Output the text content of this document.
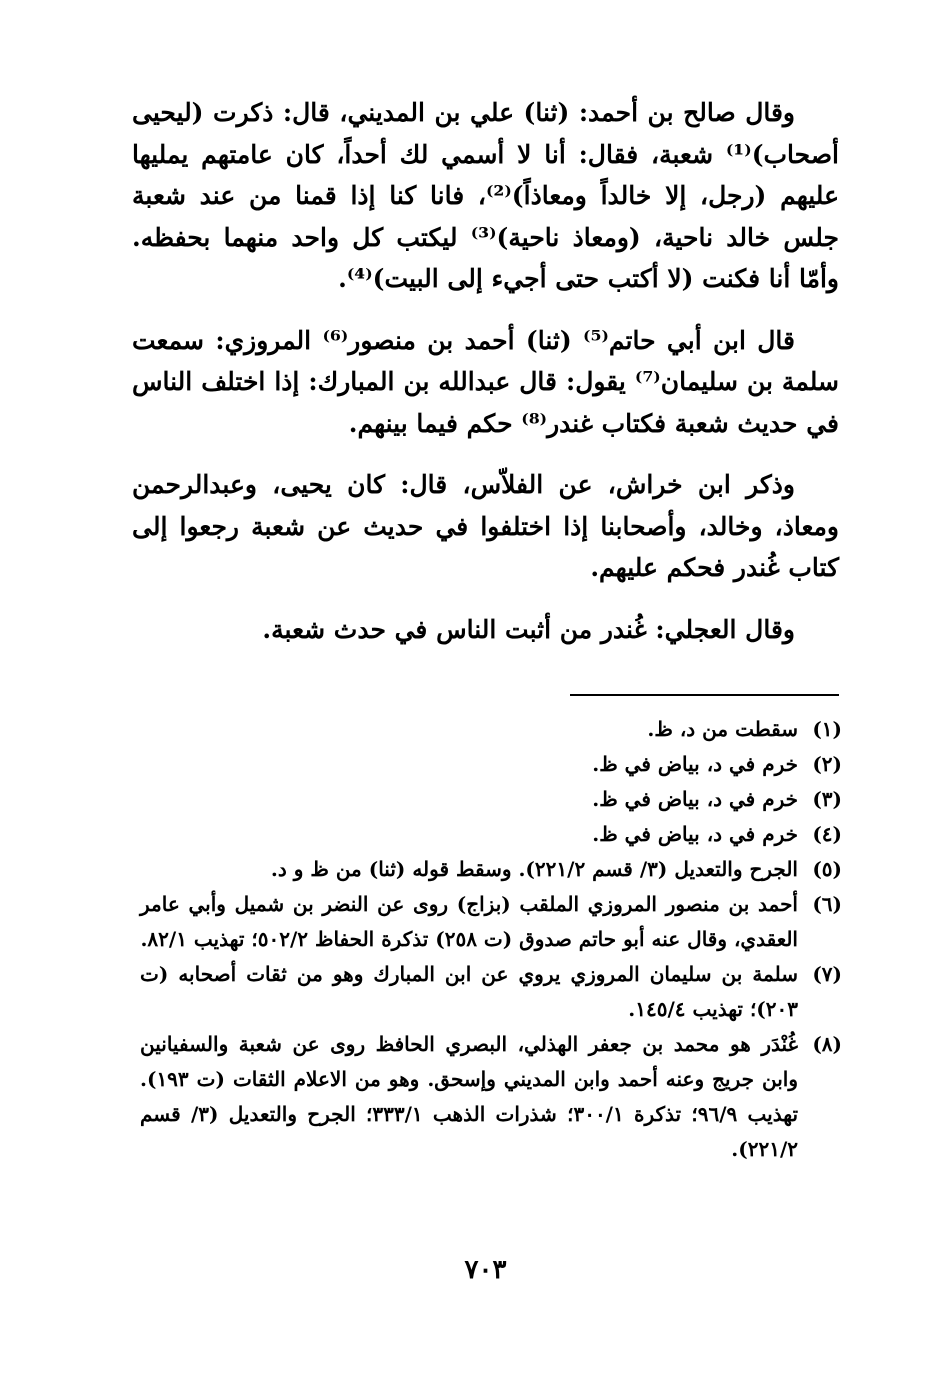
وقال صالح بن أحمد: (ثنا) علي بن المديني، قال: ذكرت (ليحيى أصحاب)⁽¹⁾ شعبة، فقال: أنا لا أسمي لك أحداً، كان عامتهم يمليها عليهم (رجل، إلا خالداً ومعاذاً)⁽²⁾، فانا كنا إذا قمنا من عند شعبة جلس خالد ناحية، (ومعاذ ناحية)⁽³⁾ ليكتب كل واحد منهما بحفظه. وأمّا أنا فكنت (لا أكتب حتى أجيء إلى البيت)⁽⁴⁾.

قال ابن أبي حاتم⁽⁵⁾ (ثنا) أحمد بن منصور⁽⁶⁾ المروزي: سمعت سلمة بن سليمان⁽⁷⁾ يقول: قال عبدالله بن المبارك: إذا اختلف الناس في حديث شعبة فكتاب غندر⁽⁸⁾ حكم فيما بينهم.

وذكر ابن خراش، عن الفلاّس، قال: كان يحيى، وعبدالرحمن ومعاذ، وخالد، وأصحابنا إذا اختلفوا في حديث عن شعبة رجعوا إلى كتاب غُندر فحكم عليهم.

وقال العجلي: غُندر من أثبت الناس في حدث شعبة.

(١)
سقطت من د، ظ.
(٢)
خرم في د، بياض في ظ.
(٣)
خرم في د، بياض في ظ.
(٤)
خرم في د، بياض في ظ.
(٥)
الجرح والتعديل (٣/ قسم ٢٢١/٢). وسقط قوله (ثنا) من ظ و د.
(٦)
أحمد بن منصور المروزي الملقب (بزاج) روى عن النضر بن شميل وأبي عامر العقدي، وقال عنه أبو حاتم صدوق (ت ٢٥٨) تذكرة الحفاظ ٥٠٢/٢؛ تهذيب ٨٢/١.
(٧)
سلمة بن سليمان المروزي يروي عن ابن المبارك وهو من ثقات أصحابه (ت ٢٠٣)؛ تهذيب ١٤٥/٤.
(٨)
غُنْدَر هو محمد بن جعفر الهذلي، البصري الحافظ روى عن شعبة والسفيانين وابن جريج وعنه أحمد وابن المديني وإسحق. وهو من الاعلام الثقات (ت ١٩٣). تهذيب ٩٦/٩؛ تذكرة ٣٠٠/١؛ شذرات الذهب ٣٣٣/١؛ الجرح والتعديل (٣/ قسم ٢٢١/٢).
٧٠٣
